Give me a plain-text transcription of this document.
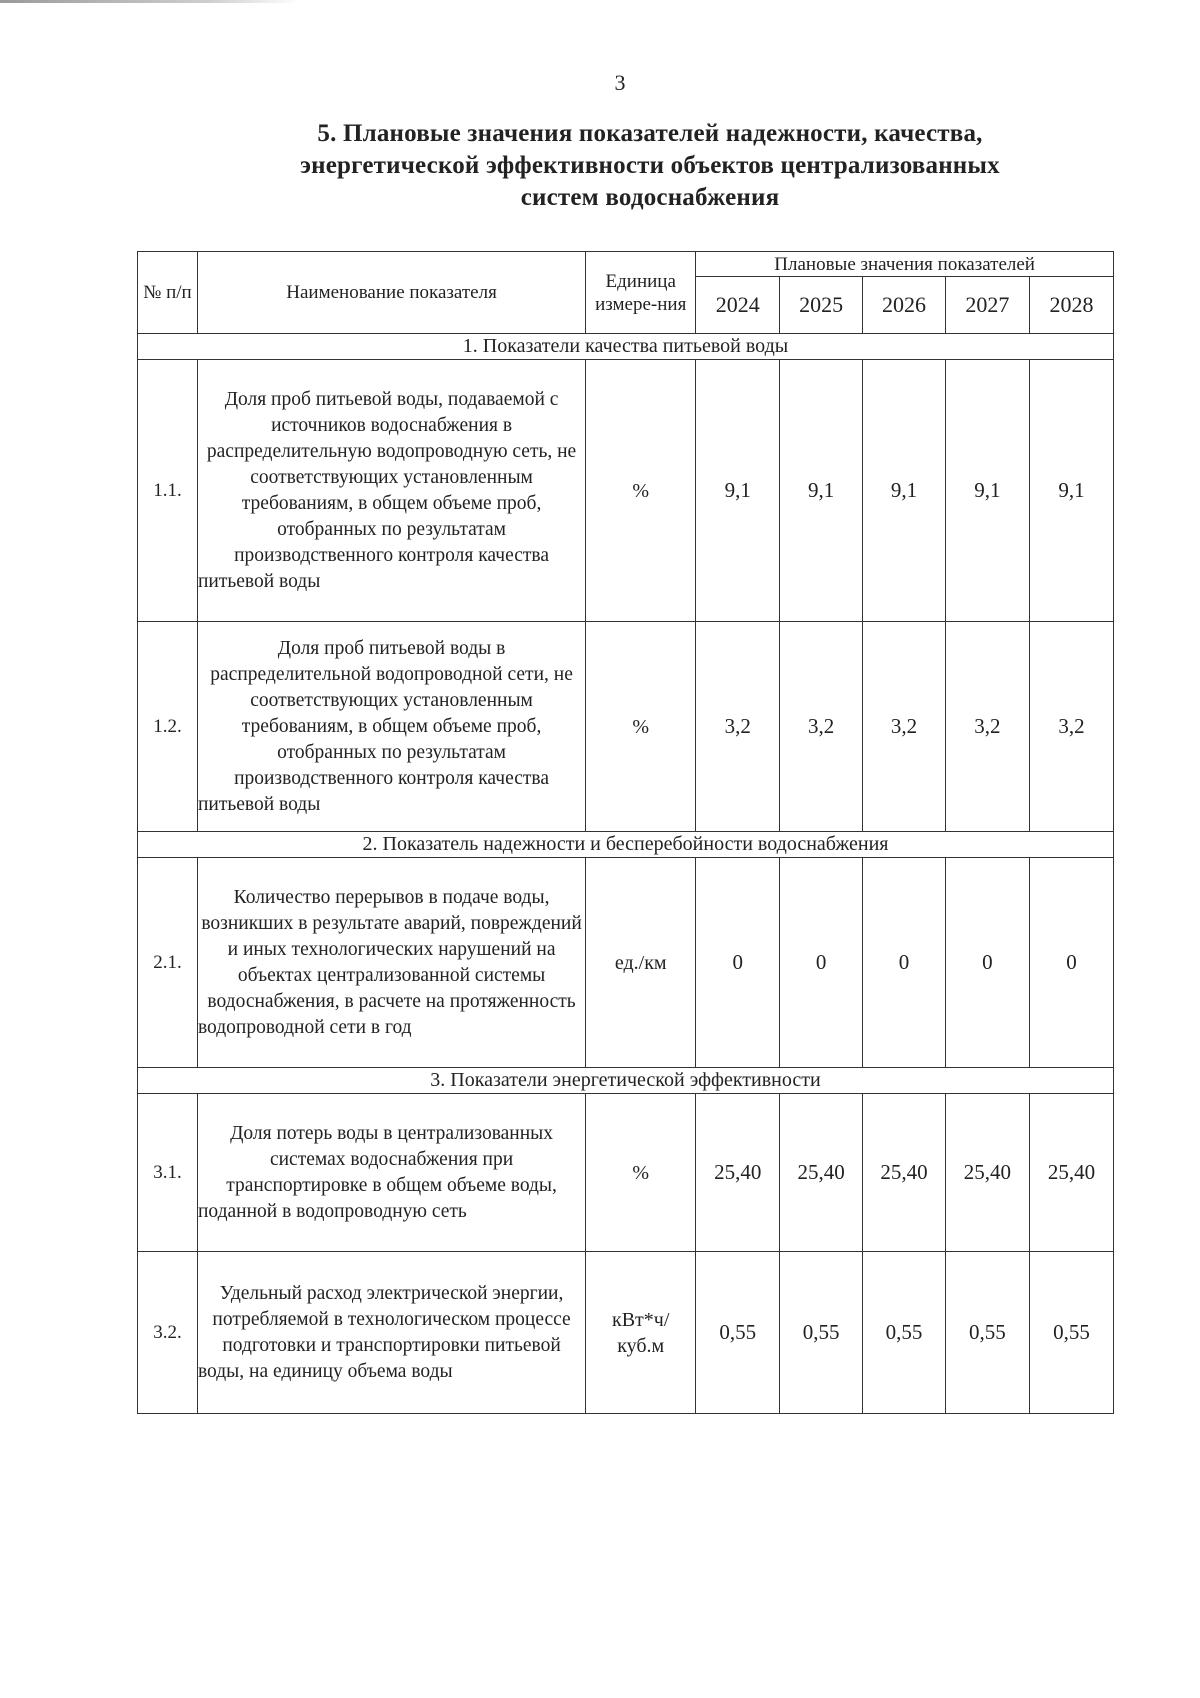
3
5. Плановые значения показателей надежности, качества,
энергетической эффективности объектов централизованных
систем водоснабжения
№ п/п	Наименование показателя	Единица измере-ния	Плановые значения показателей				
			2024	2025	2026	2027	2028
1. Показатели качества питьевой воды							
1.1.	Доля проб питьевой воды, подаваемой с источников водоснабжения в распределительную водопроводную сеть, не соответствующих установленным требованиям, в общем объеме проб, отобранных по результатам производственного контроля качества питьевой воды	%	9,1	9,1	9,1	9,1	9,1
1.2.	Доля проб питьевой воды в распределительной водопроводной сети, не соответствующих установленным требованиям, в общем объеме проб, отобранных по результатам производственного контроля качества питьевой воды	%	3,2	3,2	3,2	3,2	3,2
2. Показатель надежности и бесперебойности водоснабжения							
2.1.	Количество перерывов в подаче воды, возникших в результате аварий, повреждений и иных технологических нарушений на объектах централизованной системы водоснабжения, в расчете на протяженность водопроводной сети в год	ед./км	0	0	0	0	0
3. Показатели энергетической эффективности							
3.1.	Доля потерь воды в централизованных системах водоснабжения при транспортировке в общем объеме воды, поданной в водопроводную сеть	%	25,40	25,40	25,40	25,40	25,40
3.2.	Удельный расход электрической энергии, потребляемой в технологическом процессе подготовки и транспортировки питьевой воды, на единицу объема воды	кВт*ч/ куб.м	0,55	0,55	0,55	0,55	0,55
